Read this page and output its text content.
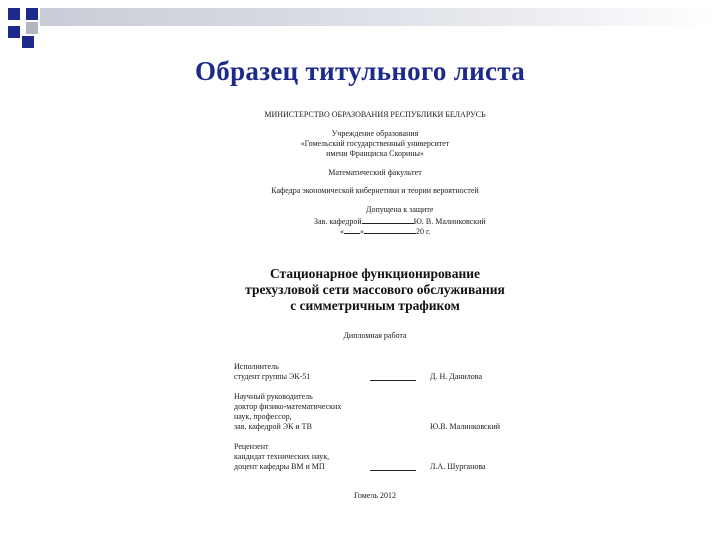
Образец титульного листа
МИНИСТЕРСТВО ОБРАЗОВАНИЯ РЕСПУБЛИКИ БЕЛАРУСЬ
Учреждение образования
«Гомельский государственный университет
имени Франциска Скорины»
Математический факультет
Кафедра экономической кибернетики и теории вероятностей
Допущена к защите
Зав. кафедрой	Ю. В. Малинковский
« »	20 г.
Стационарное функционирование
трехузловой сети массового обслуживания
с симметричным трафиком
Дипломная работа
Исполнитель
студент группы ЭК-51	Д. Н. Данилова
Научный руководитель
доктор физико-математических
наук, профессор,
зав. кафедрой ЭК и ТВ	Ю.В. Малинковский
Рецензент
кандидат технических наук,
доцент кафедры ВМ и МП	Л.А. Шурганова
Гомель 2012
